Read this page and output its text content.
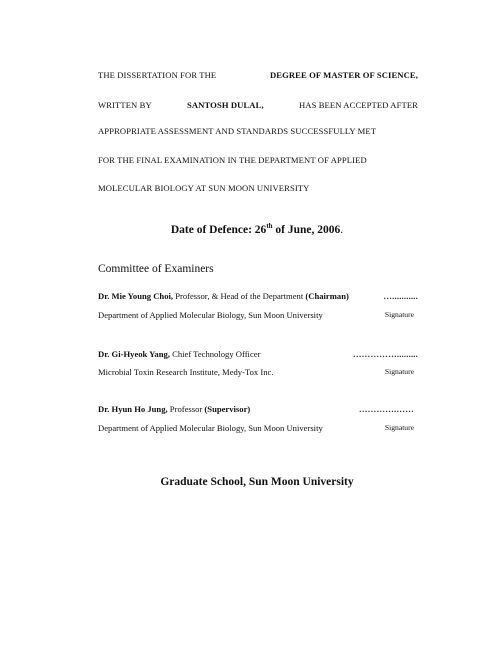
THE DISSERTATION FOR THE	DEGREE OF MASTER OF SCIENCE,
WRITTEN BY	SANTOSH DULAL,	HAS BEEN ACCEPTED AFTER
APPROPRIATE ASSESSMENT AND STANDARDS SUCCESSFULLY MET
FOR THE FINAL EXAMINATION IN THE DEPARTMENT OF APPLIED
MOLECULAR BIOLOGY AT SUN MOON UNIVERSITY
Date of Defence: 26th of June, 2006.
Committee of Examiners
Dr. Mie Young Choi, Professor, & Head of the Department (Chairman)	…...........
Department of Applied Molecular Biology, Sun Moon University	Signature
Dr. Gi-Hyeok Yang, Chief Technology Officer	…………….........
Microbial Toxin Research Institute, Medy-Tox Inc.	Signature
Dr. Hyun Ho Jung, Professor (Supervisor)	………….……
Department of Applied Molecular Biology, Sun Moon University	Signature
Graduate School, Sun Moon University
